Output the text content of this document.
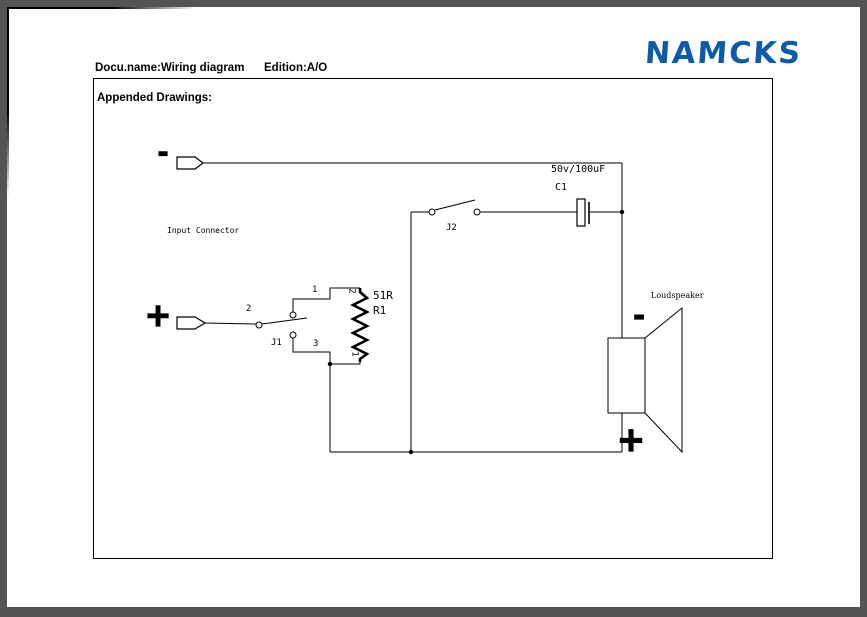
Docu.name:Wiring diagram Edition:A/O	NAMCKS
Appended Drawings:
Input Connector	J2
J1
1
2
3
50v/100uF
C1
51R
R1
2
1
Loudspeaker
-
+	-
+
